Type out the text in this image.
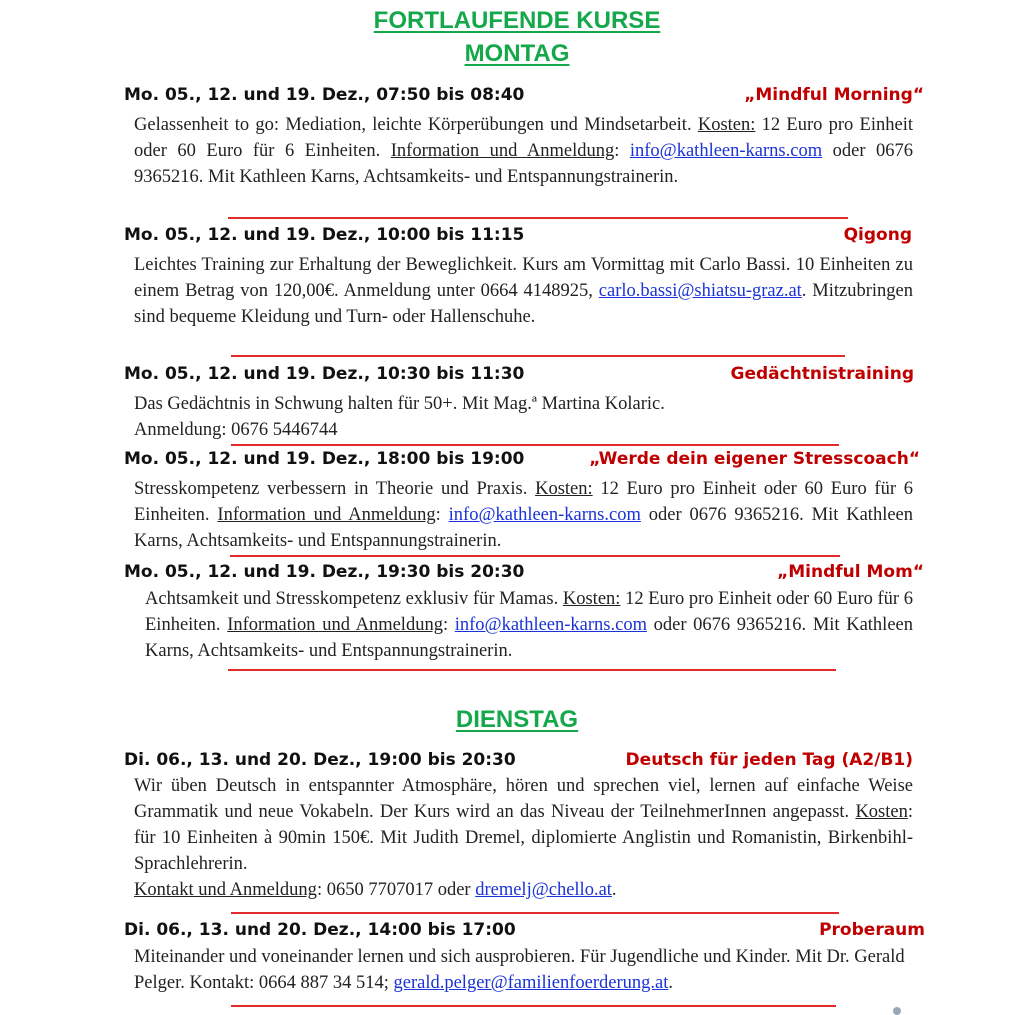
FORTLAUFENDE KURSE
MONTAG
Mo. 05., 12. und 19. Dez., 07:50 bis 08:40	„Mindful Morning“
Gelassenheit to go: Mediation, leichte Körperübungen und Mindsetarbeit. Kosten: 12 Euro pro Einheit oder 60 Euro für 6 Einheiten. Information und Anmeldung: info@kathleen-karns.com oder 0676 9365216. Mit Kathleen Karns, Achtsamkeits- und Entspannungstrainerin.
Mo. 05., 12. und 19. Dez., 10:00 bis 11:15	Qigong
Leichtes Training zur Erhaltung der Beweglichkeit. Kurs am Vormittag mit Carlo Bassi. 10 Einheiten zu einem Betrag von 120,00€. Anmeldung unter 0664 4148925, carlo.bassi@shiatsu-graz.at. Mitzubringen sind bequeme Kleidung und Turn- oder Hallenschuhe.
Mo. 05., 12. und 19. Dez., 10:30 bis 11:30	Gedächtnistraining
Das Gedächtnis in Schwung halten für 50+. Mit Mag.ª Martina Kolaric.
Anmeldung: 0676 5446744
Mo. 05., 12. und 19. Dez., 18:00 bis 19:00	„Werde dein eigener Stresscoach“
Stresskompetenz verbessern in Theorie und Praxis. Kosten: 12 Euro pro Einheit oder 60 Euro für 6 Einheiten. Information und Anmeldung: info@kathleen-karns.com oder 0676 9365216. Mit Kathleen Karns, Achtsamkeits- und Entspannungstrainerin.
Mo. 05., 12. und 19. Dez., 19:30 bis 20:30	„Mindful Mom“
Achtsamkeit und Stresskompetenz exklusiv für Mamas. Kosten: 12 Euro pro Einheit oder 60 Euro für 6 Einheiten. Information und Anmeldung: info@kathleen-karns.com oder 0676 9365216. Mit Kathleen Karns, Achtsamkeits- und Entspannungstrainerin.
DIENSTAG
Di. 06., 13. und 20. Dez., 19:00 bis 20:30	Deutsch für jeden Tag (A2/B1)
Wir üben Deutsch in entspannter Atmosphäre, hören und sprechen viel, lernen auf einfache Weise Grammatik und neue Vokabeln. Der Kurs wird an das Niveau der TeilnehmerInnen angepasst. Kosten: für 10 Einheiten à 90min 150€. Mit Judith Dremel, diplomierte Anglistin und Romanistin, Birkenbihl-Sprachlehrerin.
Kontakt und Anmeldung: 0650 7707017 oder dremelj@chello.at.
Di. 06., 13. und 20. Dez., 14:00 bis 17:00	Proberaum
Miteinander und voneinander lernen und sich ausprobieren. Für Jugendliche und Kinder. Mit Dr. Gerald Pelger. Kontakt: 0664 887 34 514; gerald.pelger@familienfoerderung.at.
